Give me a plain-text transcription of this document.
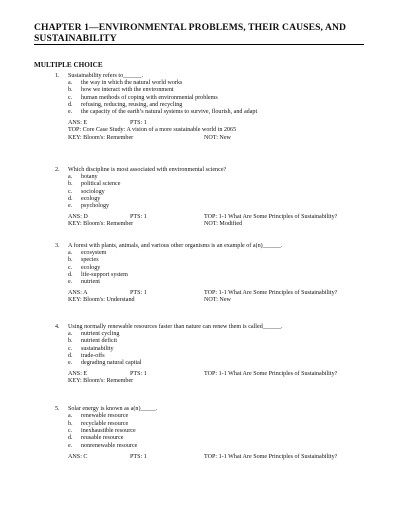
CHAPTER 1—ENVIRONMENTAL PROBLEMS, THEIR CAUSES, AND SUSTAINABILITY
MULTIPLE CHOICE
1. Sustainability refers to______.
a. the way in which the natural world works
b. how we interact with the environment
c. human methods of coping with environmental problems
d. refusing, reducing, reusing, and recycling
e. the capacity of the earth’s natural systems to survive, flourish, and adapt
ANS: E	PTS: 1
TOP: Core Case Study: A vision of a more sustainable world in 2065
KEY: Bloom's: Remember	NOT: New
2. Which discipline is most associated with environmental science?
a. botany
b. political science
c. sociology
d. ecology
e. psychology
ANS: D	PTS: 1	TOP: 1-1 What Are Some Principles of Sustainability?
KEY: Bloom's: Remember	NOT: Modified
3. A forest with plants, animals, and various other organisms is an example of a(n)______.
a. ecosystem
b. species
c. ecology
d. life-support system
e. nutrient
ANS: A	PTS: 1	TOP: 1-1 What Are Some Principles of Sustainability?
KEY: Bloom's: Understand	NOT: New
4. Using normally renewable resources faster than nature can renew them is called______.
a. nutrient cycling
b. nutrient deficit
c. sustainability
d. trade-offs
e. degrading natural capital
ANS: E	PTS: 1	TOP: 1-1 What Are Some Principles of Sustainability?
KEY: Bloom's: Remember
5. Solar energy is known as a(n)_____.
a. renewable resource
b. recyclable resource
c. inexhaustible resource
d. reusable resource
e. nonrenewable resource
ANS: C	PTS: 1	TOP: 1-1 What Are Some Principles of Sustainability?
